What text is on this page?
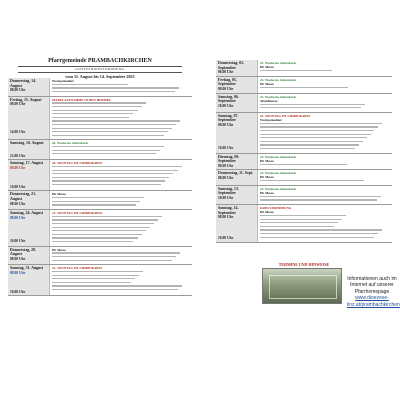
Pfarrgemeinde PRAMBACHKIRCHEN
GOTTESDIENSTORDNUNG
vom 11. August bis 14. September 2025
Donnerstag, 14. August
08.00 Uhr
Wortgottesfeier
Freitag, 15. August
08.00 Uhr
14.00 Uhr
MARIÄ AUFNAHME IN DEN HIMMEL
Samstag, 16. August
13.00 Uhr
20. Woche im Jahreskreis
Sonntag, 17. August
08.00 Uhr
10.00 Uhr
20. SONNTAG IM JAHRESKREIS
Donnerstag, 21. August
08.00 Uhr
Hl. Messe
Sonntag, 24. August
08.00 Uhr
10.00 Uhr
21. SONNTAG IM JAHRESKREIS
Donnerstag, 28. August
08.00 Uhr
Hl. Messe
Sonntag, 31. August
08.00 Uhr
10.00 Uhr
22. SONNTAG IM JAHRESKREIS
Donnerstag, 02. September
08.00 Uhr
22. Woche im Jahreskreis
Hl. Messe
Freitag, 05. September
08.00 Uhr
22. Woche im Jahreskreis
Hl. Messe
Samstag, 06. September
18.00 Uhr
22. Woche im Jahreskreis
Abendmesse
Sonntag, 07. September
08.00 Uhr
10.00 Uhr
23. SONNTAG IM JAHRESKREIS
Wortgottesfeier
Dienstag, 09. September
08.00 Uhr
23. Woche im Jahreskreis
Hl. Messe
Donnerstag, 11. Sept.
08.00 Uhr
23. Woche im Jahreskreis
Hl. Messe
Samstag, 13. September
18.00 Uhr
23. Woche im Jahreskreis
Hl. Messe
Sonntag, 14. September
08.00 Uhr
10.00 Uhr
KREUZERHÖHUNG
Hl. Messe
TERMINE UND HINWEISE
Informationen auch im
Internet auf unserer
Pfarrhomepage
www.dioezese-
linz.at/prambachkirchen
